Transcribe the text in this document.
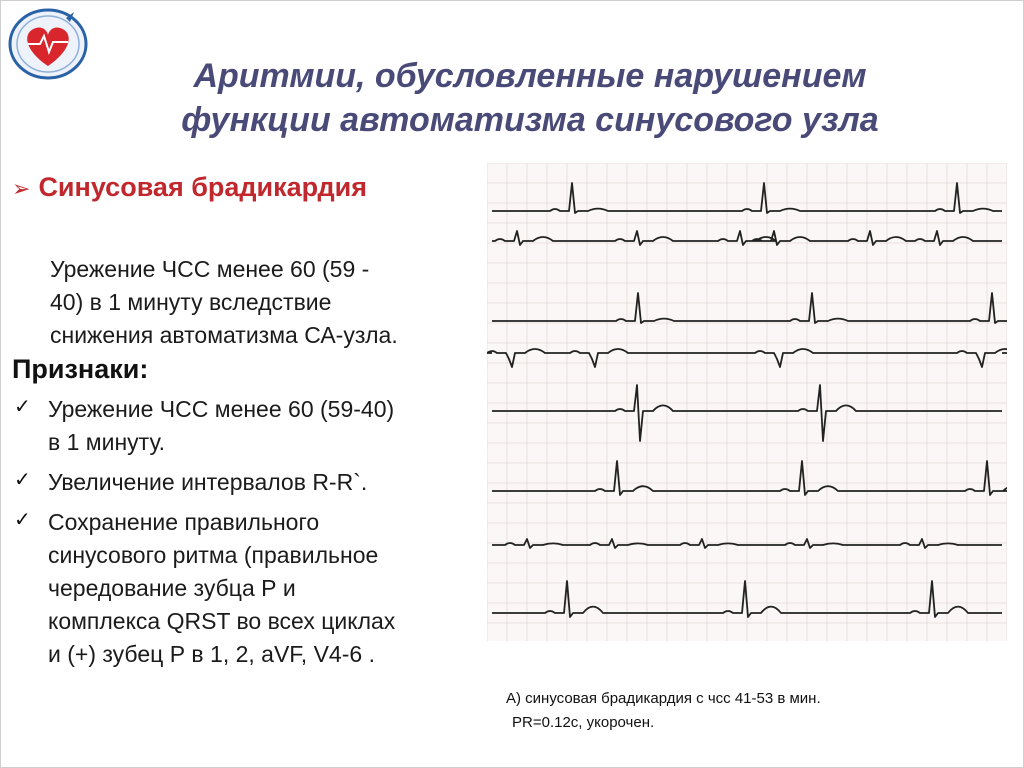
Аритмии, обусловленные нарушением
функции автоматизма синусового узла
➢ Синусовая брадикардия
Урежение ЧСС менее 60 (59 -
40) в 1 минуту вследствие
снижения автоматизма СА-узла.
Признаки:
✓ Урежение ЧСС менее 60 (59-40)
в 1 минуту.
✓ Увеличение интервалов R-R`.
✓ Сохранение правильного
синусового ритма (правильное
чередование зубца Р и
комплекса QRST во всех циклах
и (+) зубец Р в 1, 2, aVF, V4-6 .
А) синусовая брадикардия с чсс 41-53 в мин.
PR=0.12с, укорочен.
